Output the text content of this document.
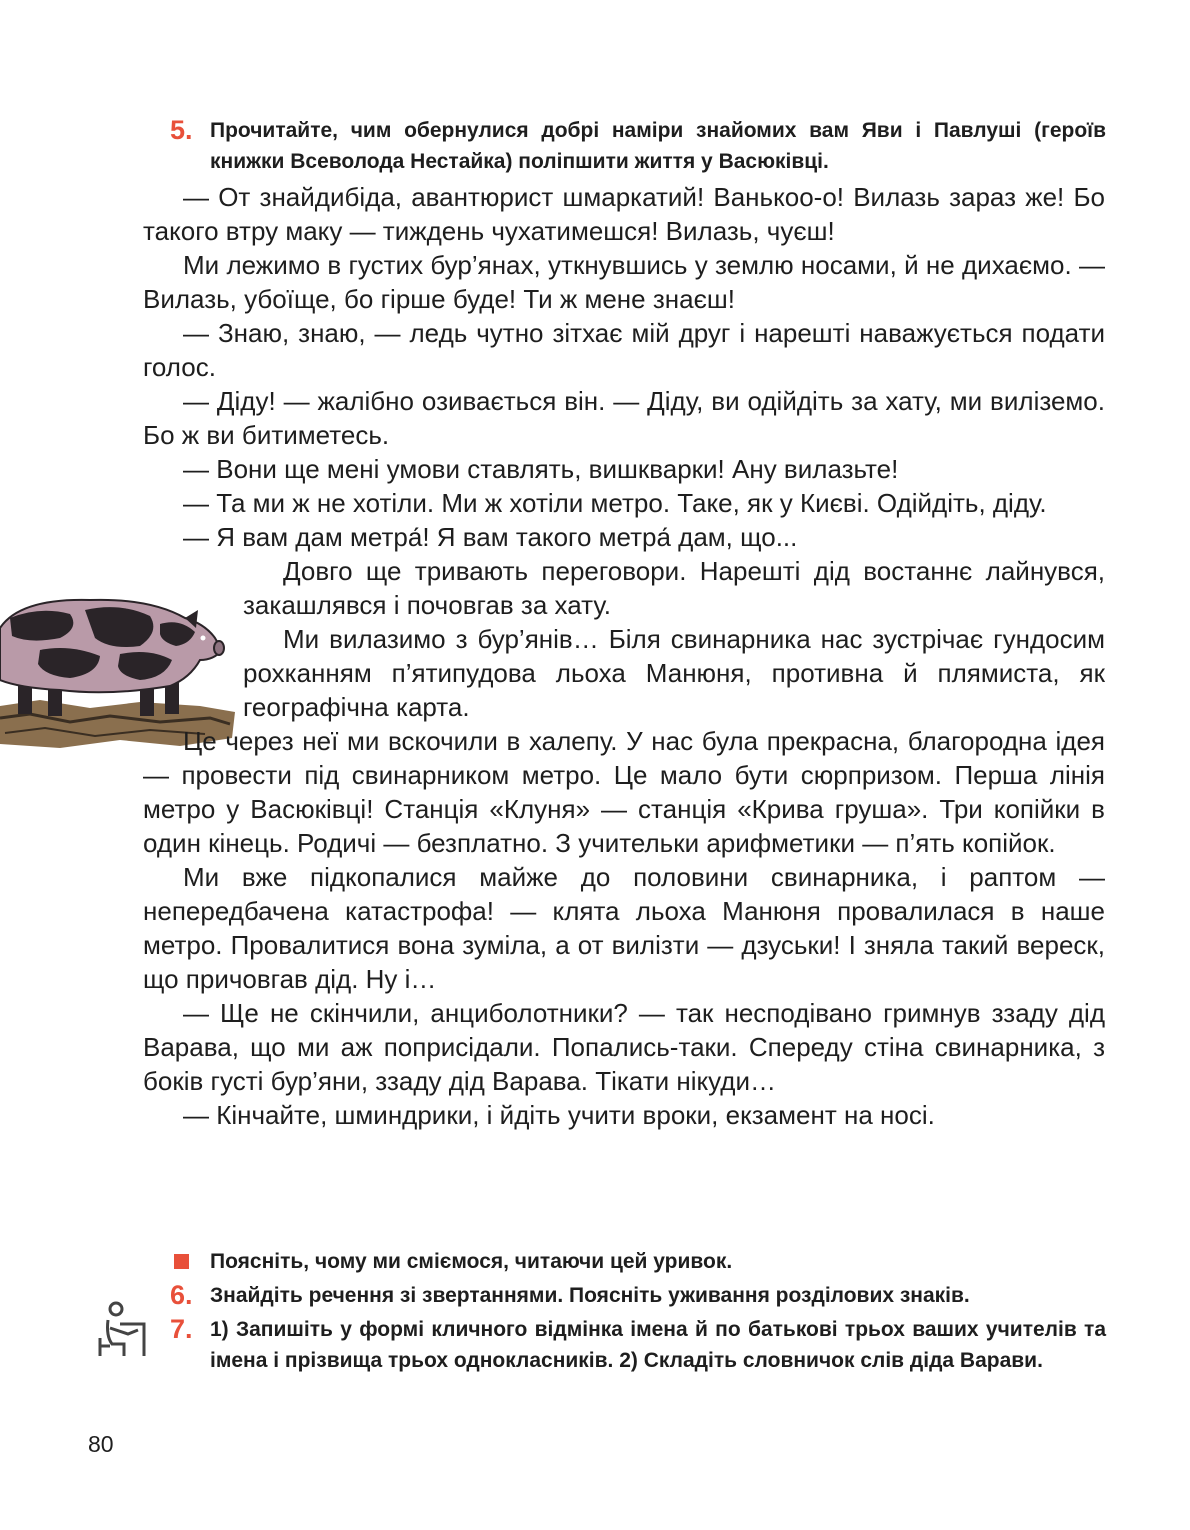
5. Прочитайте, чим обернулися добрі наміри знайомих вам Яви і Павлуші (героїв книжки Всеволода Нестайка) поліпшити життя у Васюківці.

— От знайдибіда, авантюрист шмаркатий! Ванькоо-о! Вилазь зараз же! Бо такого втру маку — тиждень чухатимешся! Вилазь, чуєш!

Ми лежимо в густих бур’янах, уткнувшись у землю носами, й не дихаємо. — Вилазь, убоїще, бо гірше буде! Ти ж мене знаєш!

— Знаю, знаю, — ледь чутно зітхає мій друг і нарешті наважується подати голос.

— Діду! — жалібно озивається він. — Діду, ви одійдіть за хату, ми виліземо. Бо ж ви битиметесь.

— Вони ще мені умови ставлять, вишкварки! Ану вилазьте!

— Та ми ж не хотіли. Ми ж хотіли метро. Таке, як у Києві. Одійдіть, діду.

— Я вам дам метра́! Я вам такого метра́ дам, що...

Довго ще тривають переговори. Нарешті дід востаннє лайнувся, закашлявся і почовгав за хату.

Ми вилазимо з бур’янів… Біля свинарника нас зустрічає гундосим рохканням п’ятипудова льоха Манюня, противна й плямиста, як географічна карта.

Це через неї ми вскочили в халепу. У нас була прекрасна, благородна ідея — провести під свинарником метро. Це мало бути сюрпризом. Перша лінія метро у Васюківці! Станція «Клуня» — станція «Крива груша». Три копійки в один кінець. Родичі — безплатно. З учительки арифметики — п’ять копійок.

Ми вже підкопалися майже до половини свинарника, і раптом — непередбачена катастрофа! — клята льоха Манюня провалилася в наше метро. Провалитися вона зуміла, а от вилізти — дзуськи! І зняла такий вереск, що причовгав дід. Ну і…

— Ще не скінчили, анциболотники? — так несподівано гримнув ззаду дід Варава, що ми аж поприсідали. Попались-таки. Спереду стіна свинарника, з боків густі бур’яни, ззаду дід Варава. Тікати нікуди…

— Кінчайте, шминдрики, і йдіть учити вроки, екзамент на носі.

Поясніть, чому ми сміємося, читаючи цей уривок.
6. Знайдіть речення зі звертаннями. Поясніть уживання розділових знаків.
7. 1) Запишіть у формі кличного відмінка імена й по батькові трьох ваших учителів та імена і прізвища трьох однокласників. 2) Складіть словничок слів діда Варави.
80
